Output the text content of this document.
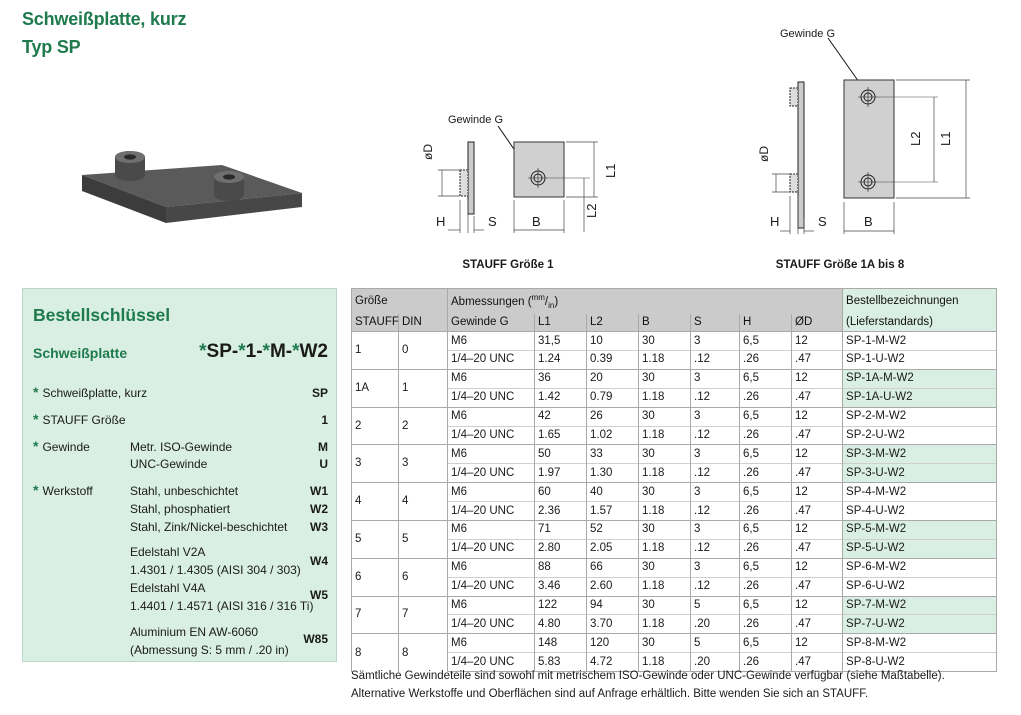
Schweißplatte, kurz
Typ SP
Gewinde G
øD
H	S
L1
L2
B
STAUFF Größe 1
Gewinde G
øD
H	S
L1
L2
B
STAUFF Größe 1A bis 8
Bestellschlüssel
Schweißplatte	*SP-*1-*M-*W2
* Schweißplatte, kurz	SP
* STAUFF Größe	1
* Gewinde	Metr. ISO-Gewinde	M
UNC-Gewinde	U
* Werkstoff	Stahl, unbeschichtet	W1
Stahl, phosphatiert	W2
Stahl, Zink/Nickel-beschichtet W3
Edelstahl V2A
1.4301 / 1.4305 (AISI 304 / 303)
W4
Edelstahl V4A
1.4401 / 1.4571 (AISI 316 / 316 Ti)
W5
Aluminium EN AW-6060
(Abmessung S: 5 mm / .20 in)
W85
Größe		Abmessungen $(^{mm}/_{in})$							Bestellbezeichnungen
STAUFF	DIN	Gewinde G	L1	L2	B	S	H	ØD	(Lieferstandards)
1	0	M6	31,5	10	30	3	6,5	12	SP-1-M-W2
		1/4–20 UNC	1.24	0.39	1.18	.12	.26	.47	SP-1-U-W2
1A	1	M6	36	20	30	3	6,5	12	SP-1A-M-W2
		1/4–20 UNC	1.42	0.79	1.18	.12	.26	.47	SP-1A-U-W2
2	2	M6	42	26	30	3	6,5	12	SP-2-M-W2
		1/4–20 UNC	1.65	1.02	1.18	.12	.26	.47	SP-2-U-W2
3	3	M6	50	33	30	3	6,5	12	SP-3-M-W2
		1/4–20 UNC	1.97	1.30	1.18	.12	.26	.47	SP-3-U-W2
4	4	M6	60	40	30	3	6,5	12	SP-4-M-W2
		1/4–20 UNC	2.36	1.57	1.18	.12	.26	.47	SP-4-U-W2
5	5	M6	71	52	30	3	6,5	12	SP-5-M-W2
		1/4–20 UNC	2.80	2.05	1.18	.12	.26	.47	SP-5-U-W2
6	6	M6	88	66	30	3	6,5	12	SP-6-M-W2
		1/4–20 UNC	3.46	2.60	1.18	.12	.26	.47	SP-6-U-W2
7	7	M6	122	94	30	5	6,5	12	SP-7-M-W2
		1/4–20 UNC	4.80	3.70	1.18	.20	.26	.47	SP-7-U-W2
8	8	M6	148	120	30	5	6,5	12	SP-8-M-W2
		1/4–20 UNC	5.83	4.72	1.18	.20	.26	.47	SP-8-U-W2
Sämtliche Gewindeteile sind sowohl mit metrischem ISO-Gewinde oder UNC-Gewinde verfügbar (siehe Maßtabelle).
Alternative Werkstoffe und Oberflächen sind auf Anfrage erhältlich. Bitte wenden Sie sich an STAUFF.
